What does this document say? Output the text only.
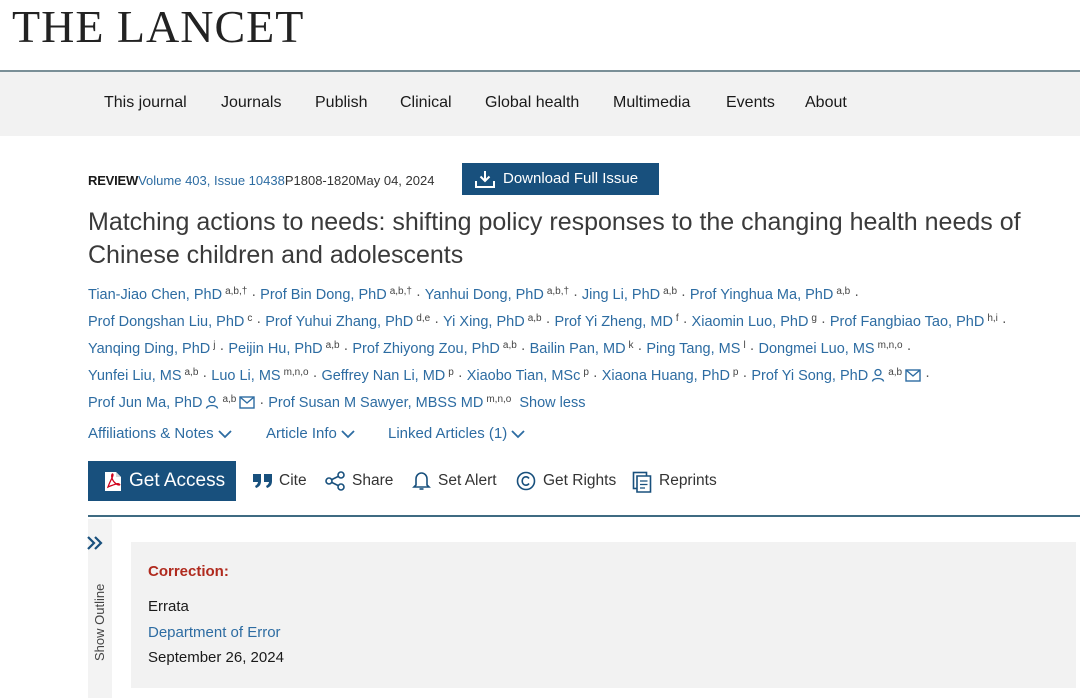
THE LANCET
This journal Journals Publish Clinical Global health Multimedia Events About
REVIEWVolume 403, Issue 10438P1808-1820May 04, 2024	Download Full Issue
Matching actions to needs: shifting policy responses to the changing health needs of Chinese children and adolescents
Tian-Jiao Chen, PhD $^{a,b,\dagger}$ · Prof Bin Dong, PhD $^{a,b,\dagger}$ · Yanhui Dong, PhD $^{a,b,\dagger}$ · Jing Li, PhD $^{a,b}$ · Prof Yinghua Ma, PhD $^{a,b}$ ·
Prof Dongshan Liu, PhD $^c$ · Prof Yuhui Zhang, PhD $^{d,e}$ · Yi Xing, PhD $^{a,b}$ · Prof Yi Zheng, MD $^f$ · Xiaomin Luo, PhD $^g$ · Prof Fangbiao Tao, PhD $^{h,i}$ ·
Yanqing Ding, PhD $^j$ · Peijin Hu, PhD $^{a,b}$ · Prof Zhiyong Zou, PhD $^{a,b}$ · Bailin Pan, MD $^k$ · Ping Tang, MS $^l$ · Dongmei Luo, MS $^{m,n,o}$ ·
Yunfei Liu, MS $^{a,b}$ · Luo Li, MS $^{m,n,o}$ · Geffrey Nan Li, MD $^p$ · Xiaobo Tian, MSc $^p$ · Xiaona Huang, PhD $^p$ · Prof Yi Song, PhD $^{a,b}$ ·
Prof Jun Ma, PhD $^{a,b}$ · Prof Susan M Sawyer, MBSS MD $^{m,n,o}$ Show less
Affiliations & Notes	Article Info	Linked Articles (1)
Get Access	Cite	Share	Set Alert	Get Rights	Reprints
Show Outline
Correction:
Errata
Department of Error
September 26, 2024
